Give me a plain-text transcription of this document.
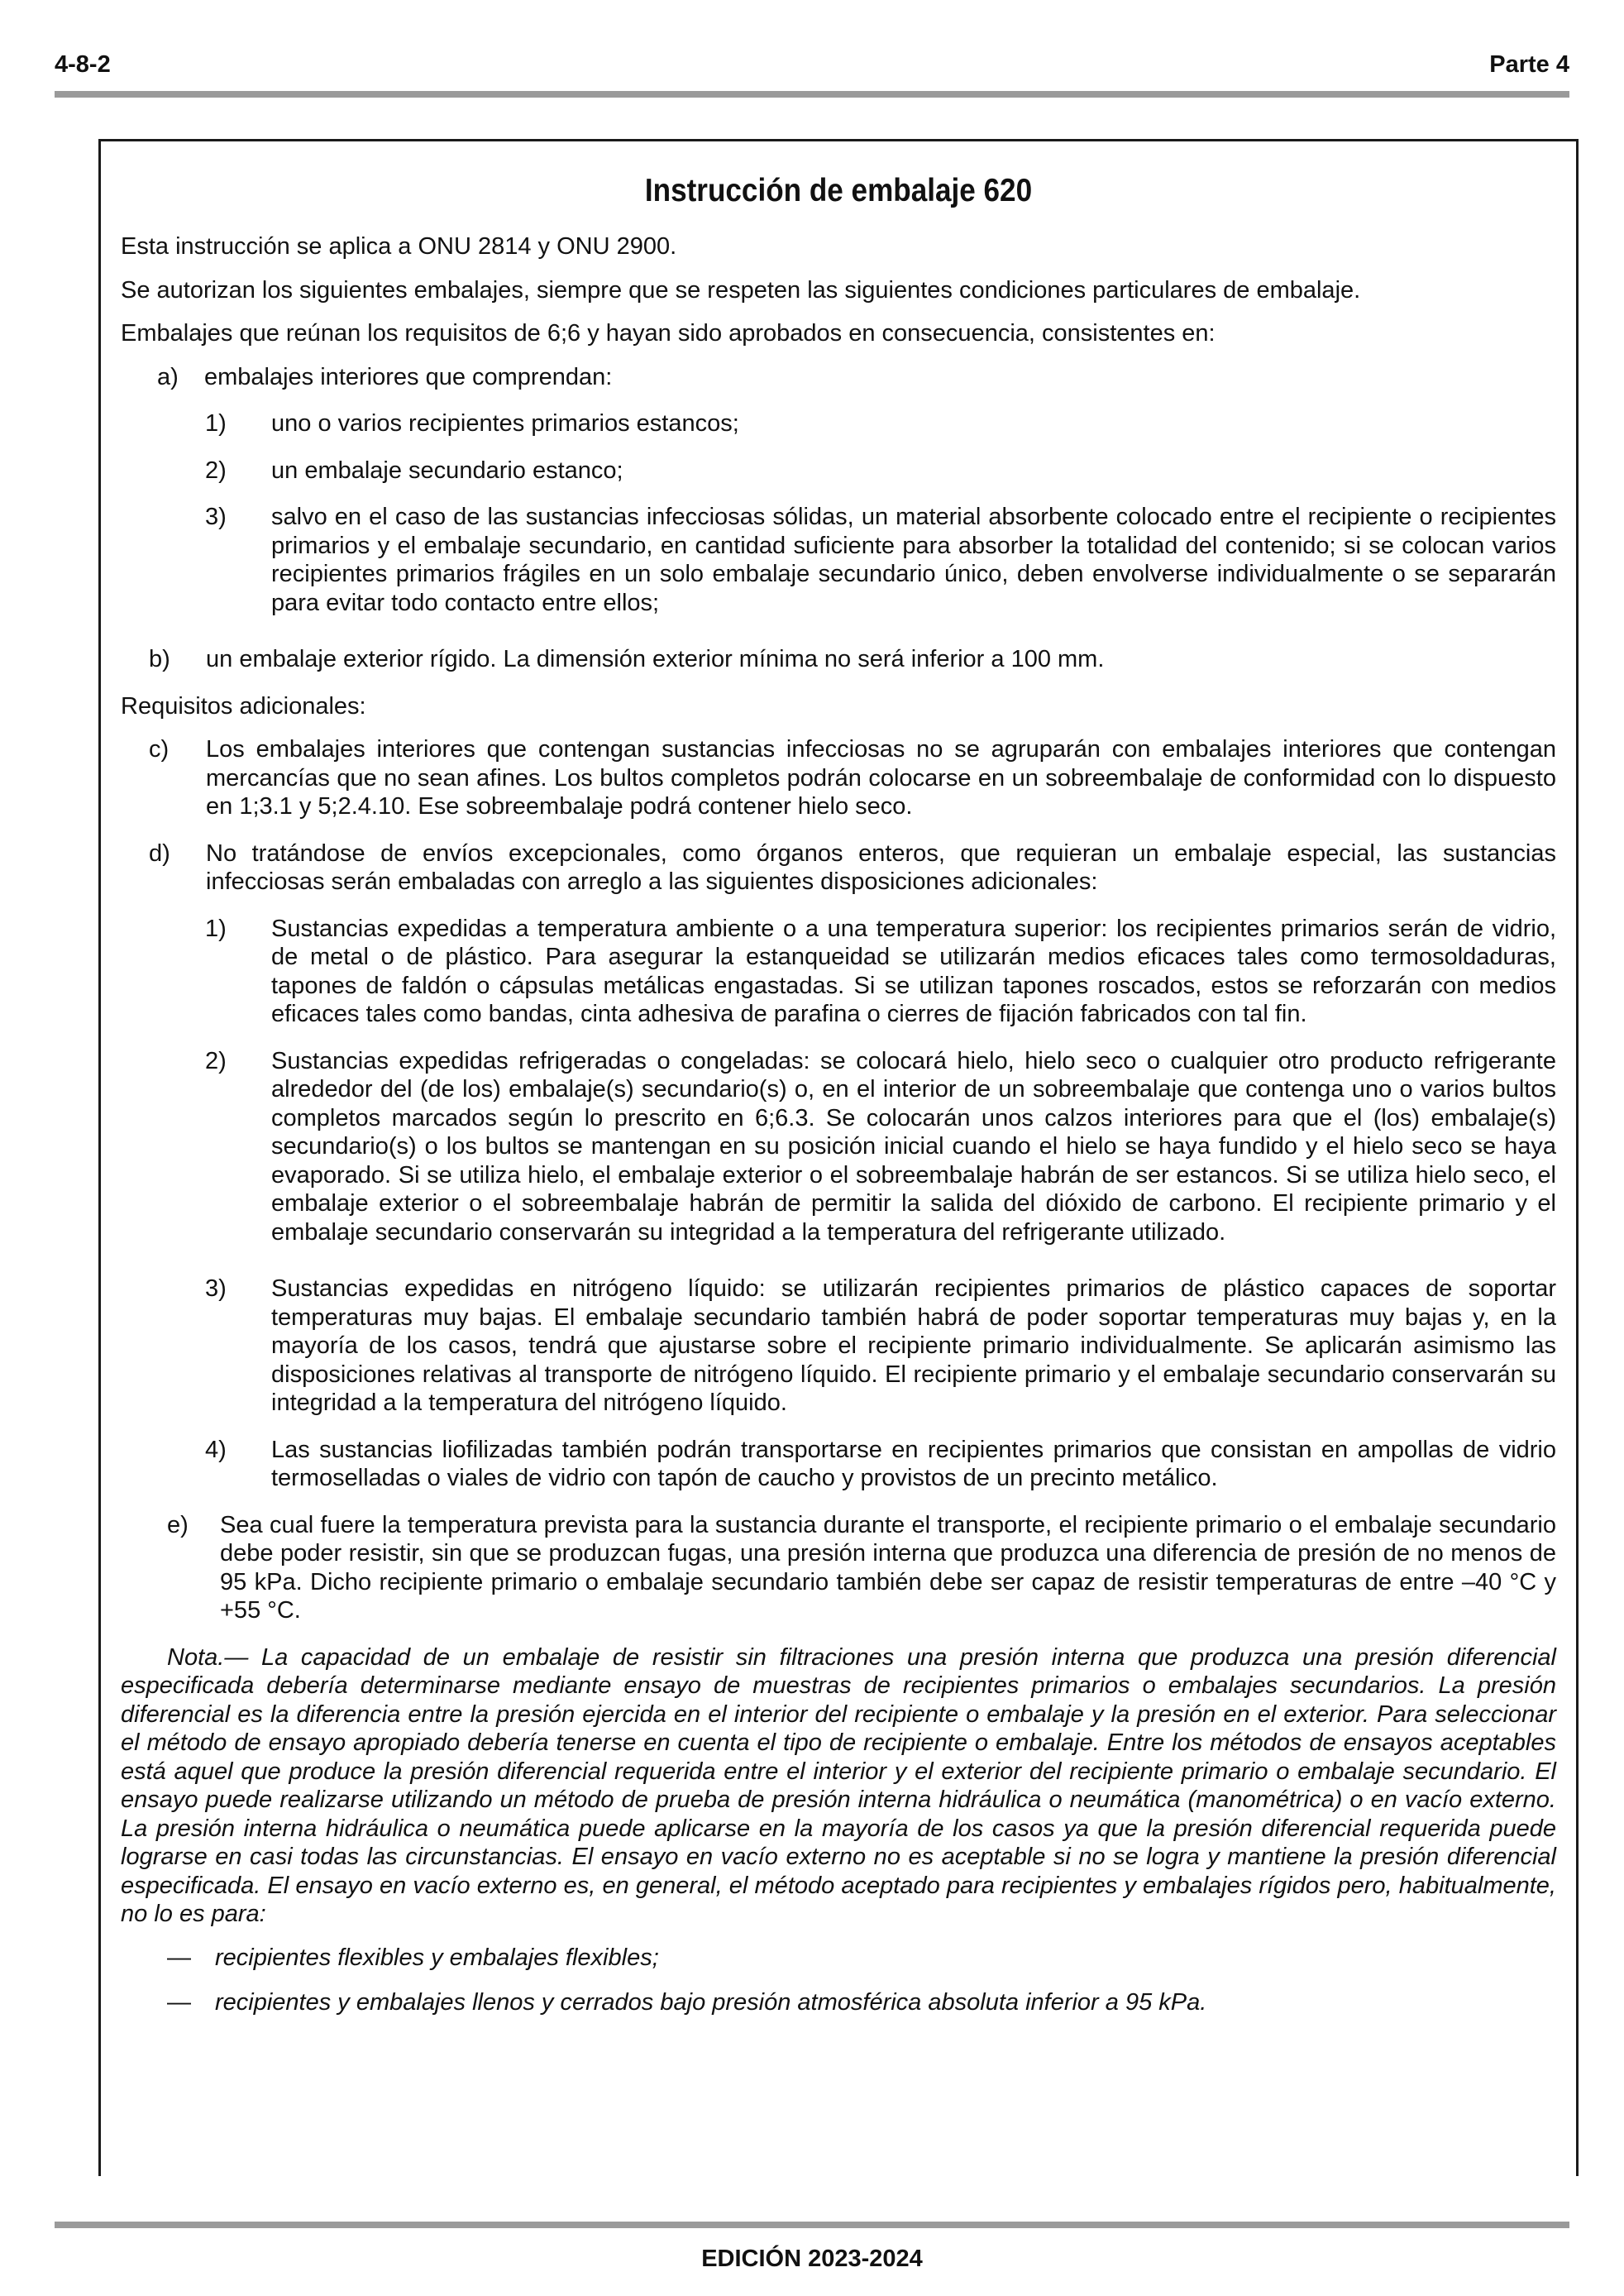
4-8-2	Parte 4
Instrucción de embalaje 620

Esta instrucción se aplica a ONU 2814 y ONU 2900.

Se autorizan los siguientes embalajes, siempre que se respeten las siguientes condiciones particulares de embalaje.

Embalajes que reúnan los requisitos de 6;6 y hayan sido aprobados en consecuencia, consistentes en:

a) embalajes interiores que comprendan:
1) uno o varios recipientes primarios estancos;
2) un embalaje secundario estanco;
3) salvo en el caso de las sustancias infecciosas sólidas, un material absorbente colocado entre el recipiente o recipientes primarios y el embalaje secundario, en cantidad suficiente para absorber la totalidad del contenido; si se colocan varios recipientes primarios frágiles en un solo embalaje secundario único, deben envolverse individualmente o se separarán para evitar todo contacto entre ellos;
b) un embalaje exterior rígido. La dimensión exterior mínima no será inferior a 100 mm.

Requisitos adicionales:

c) Los embalajes interiores que contengan sustancias infecciosas no se agruparán con embalajes interiores que contengan mercancías que no sean afines. Los bultos completos podrán colocarse en un sobreembalaje de conformidad con lo dispuesto en 1;3.1 y 5;2.4.10. Ese sobreembalaje podrá contener hielo seco.
d) No tratándose de envíos excepcionales, como órganos enteros, que requieran un embalaje especial, las sustancias infecciosas serán embaladas con arreglo a las siguientes disposiciones adicionales:
1) Sustancias expedidas a temperatura ambiente o a una temperatura superior: los recipientes primarios serán de vidrio, de metal o de plástico. Para asegurar la estanqueidad se utilizarán medios eficaces tales como termosoldaduras, tapones de faldón o cápsulas metálicas engastadas. Si se utilizan tapones roscados, estos se reforzarán con medios eficaces tales como bandas, cinta adhesiva de parafina o cierres de fijación fabricados con tal fin.
2) Sustancias expedidas refrigeradas o congeladas: se colocará hielo, hielo seco o cualquier otro producto refrigerante alrededor del (de los) embalaje(s) secundario(s) o, en el interior de un sobreembalaje que contenga uno o varios bultos completos marcados según lo prescrito en 6;6.3. Se colocarán unos calzos interiores para que el (los) embalaje(s) secundario(s) o los bultos se mantengan en su posición inicial cuando el hielo se haya fundido y el hielo seco se haya evaporado. Si se utiliza hielo, el embalaje exterior o el sobreembalaje habrán de ser estancos. Si se utiliza hielo seco, el embalaje exterior o el sobreembalaje habrán de permitir la salida del dióxido de carbono. El recipiente primario y el embalaje secundario conservarán su integridad a la temperatura del refrigerante utilizado.
3) Sustancias expedidas en nitrógeno líquido: se utilizarán recipientes primarios de plástico capaces de soportar temperaturas muy bajas. El embalaje secundario también habrá de poder soportar temperaturas muy bajas y, en la mayoría de los casos, tendrá que ajustarse sobre el recipiente primario individualmente. Se aplicarán asimismo las disposiciones relativas al transporte de nitrógeno líquido. El recipiente primario y el embalaje secundario conservarán su integridad a la temperatura del nitrógeno líquido.
4) Las sustancias liofilizadas también podrán transportarse en recipientes primarios que consistan en ampollas de vidrio termoselladas o viales de vidrio con tapón de caucho y provistos de un precinto metálico.
e) Sea cual fuere la temperatura prevista para la sustancia durante el transporte, el recipiente primario o el embalaje secundario debe poder resistir, sin que se produzcan fugas, una presión interna que produzca una diferencia de presión de no menos de 95 kPa. Dicho recipiente primario o embalaje secundario también debe ser capaz de resistir temperaturas de entre –40 °C y +55 °C.
Nota.— La capacidad de un embalaje de resistir sin filtraciones una presión interna que produzca una presión diferencial especificada debería determinarse mediante ensayo de muestras de recipientes primarios o embalajes secundarios. La presión diferencial es la diferencia entre la presión ejercida en el interior del recipiente o embalaje y la presión en el exterior. Para seleccionar el método de ensayo apropiado debería tenerse en cuenta el tipo de recipiente o embalaje. Entre los métodos de ensayos aceptables está aquel que produce la presión diferencial requerida entre el interior y el exterior del recipiente primario o embalaje secundario. El ensayo puede realizarse utilizando un método de prueba de presión interna hidráulica o neumática (manométrica) o en vacío externo. La presión interna hidráulica o neumática puede aplicarse en la mayoría de los casos ya que la presión diferencial requerida puede lograrse en casi todas las circunstancias. El ensayo en vacío externo no es aceptable si no se logra y mantiene la presión diferencial especificada. El ensayo en vacío externo es, en general, el método aceptado para recipientes y embalajes rígidos pero, habitualmente, no lo es para:
— recipientes flexibles y embalajes flexibles;
— recipientes y embalajes llenos y cerrados bajo presión atmosférica absoluta inferior a 95 kPa.
EDICIÓN 2023-2024
